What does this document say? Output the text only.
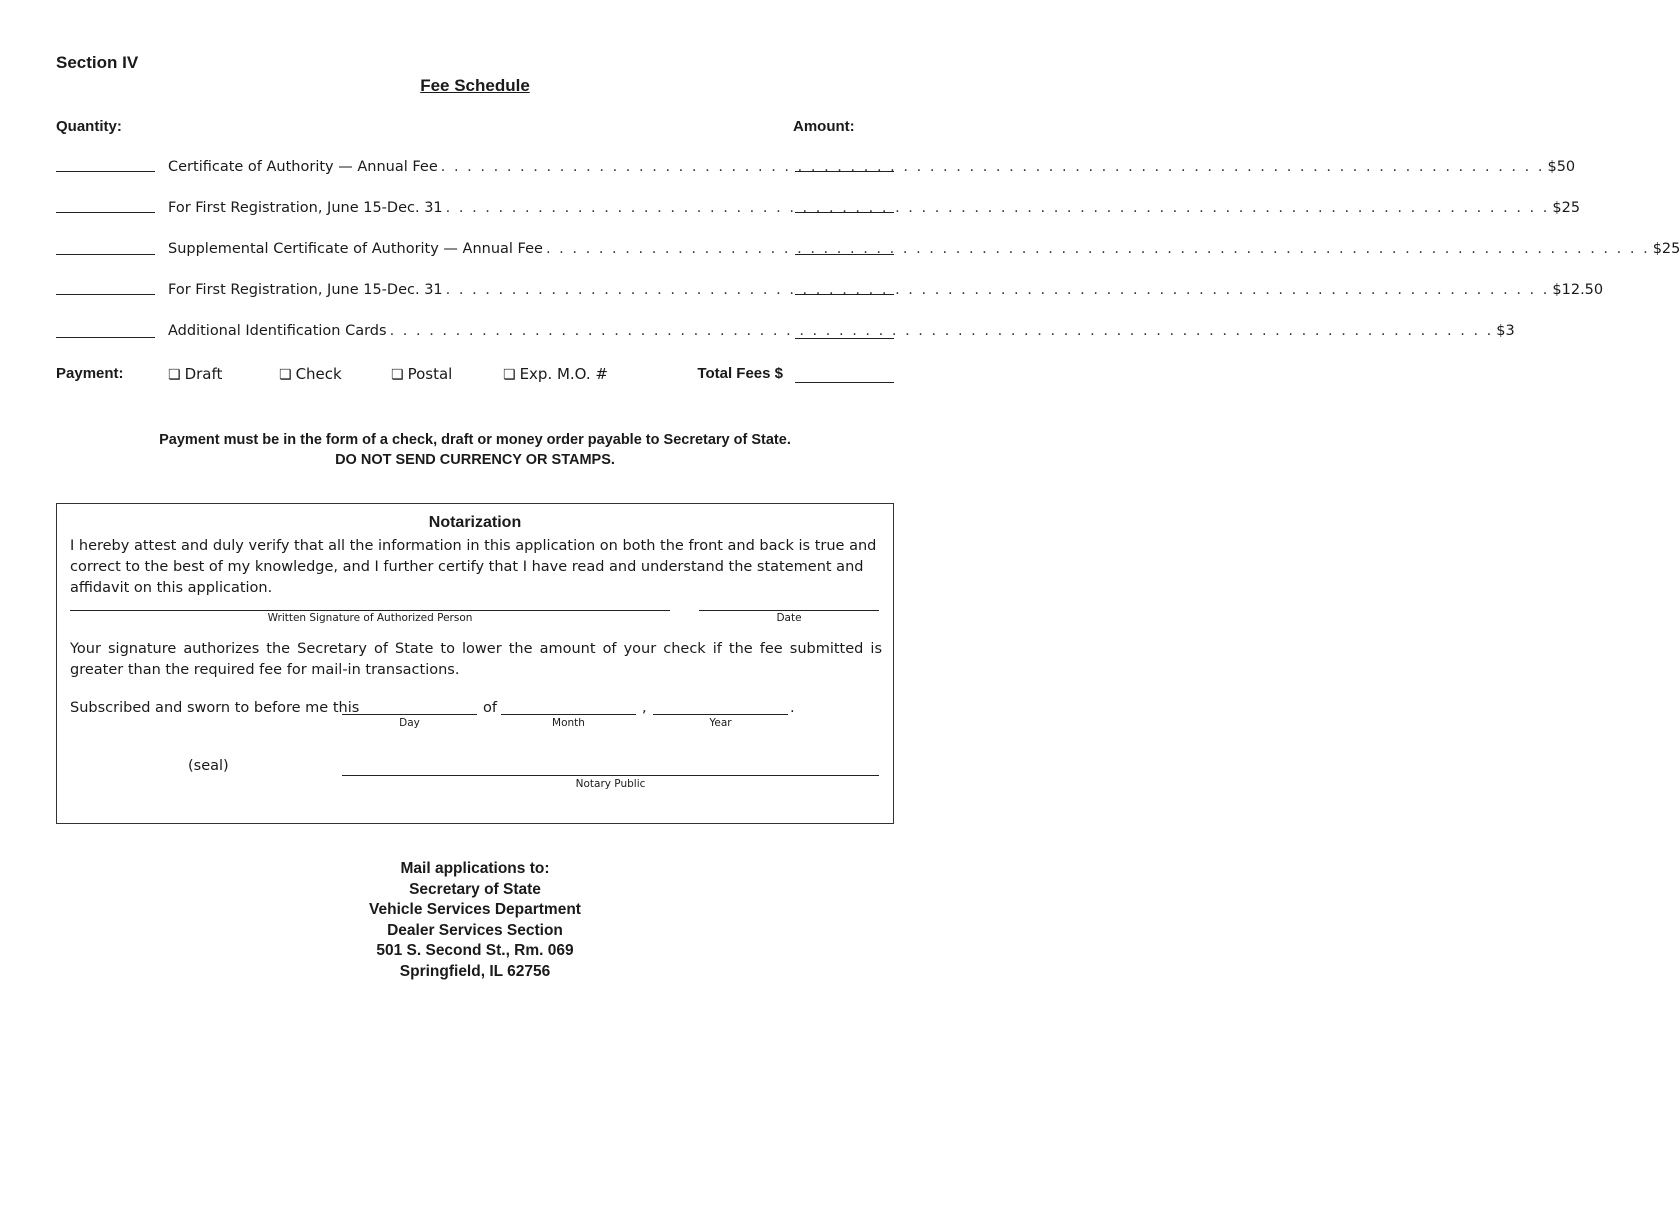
Section IV
Fee Schedule
Quantity:	Amount:
Certificate of Authority — Annual Fee . . . . . . . . . . . . . . . . . . . . . . . . . . . . . . . . . . . . . . . . . . . . . . . . . . . . . . . . . . . . . . . . . . . . . . . . . . . . . . . . . . . . $50
For First Registration, June 15-Dec. 31 . . . . . . . . . . . . . . . . . . . . . . . . . . . . . . . . . . . . . . . . . . . . . . . . . . . . . . . . . . . . . . . . . . . . . . . . . . . . . . . . . . . . $25
Supplemental Certificate of Authority — Annual Fee . . . . . . . . . . . . . . . . . . . . . . . . . . . . . . . . . . . . . . . . . . . . . . . . . . . . . . . . . . . . . . . . . . . . . . . . . . . . . . . . . . . . $25
For First Registration, June 15-Dec. 31 . . . . . . . . . . . . . . . . . . . . . . . . . . . . . . . . . . . . . . . . . . . . . . . . . . . . . . . . . . . . . . . . . . . . . . . . . . . . . . . . . . . . $12.50
Additional Identification Cards . . . . . . . . . . . . . . . . . . . . . . . . . . . . . . . . . . . . . . . . . . . . . . . . . . . . . . . . . . . . . . . . . . . . . . . . . . . . . . . . . . . . $3
Payment:	❏ Draft	❏ Check	❏ Postal	❏ Exp. M.O. #	Total Fees $
Payment must be in the form of a check, draft or money order payable to Secretary of State.
DO NOT SEND CURRENCY OR STAMPS.
Notarization
I hereby attest and duly verify that all the information in this application on both the front and back is true and correct to the best of my knowledge, and I further certify that I have read and understand the statement and affidavit on this application.
Written Signature of Authorized Person	Date
Your signature authorizes the Secretary of State to lower the amount of your check if the fee submitted is greater than the required fee for mail-in transactions.
Subscribed and sworn to before me this
Day
of
Month
,
Year
.
(seal)
Notary Public
Mail applications to:
Secretary of State
Vehicle Services Department
Dealer Services Section
501 S. Second St., Rm. 069
Springfield, IL 62756
